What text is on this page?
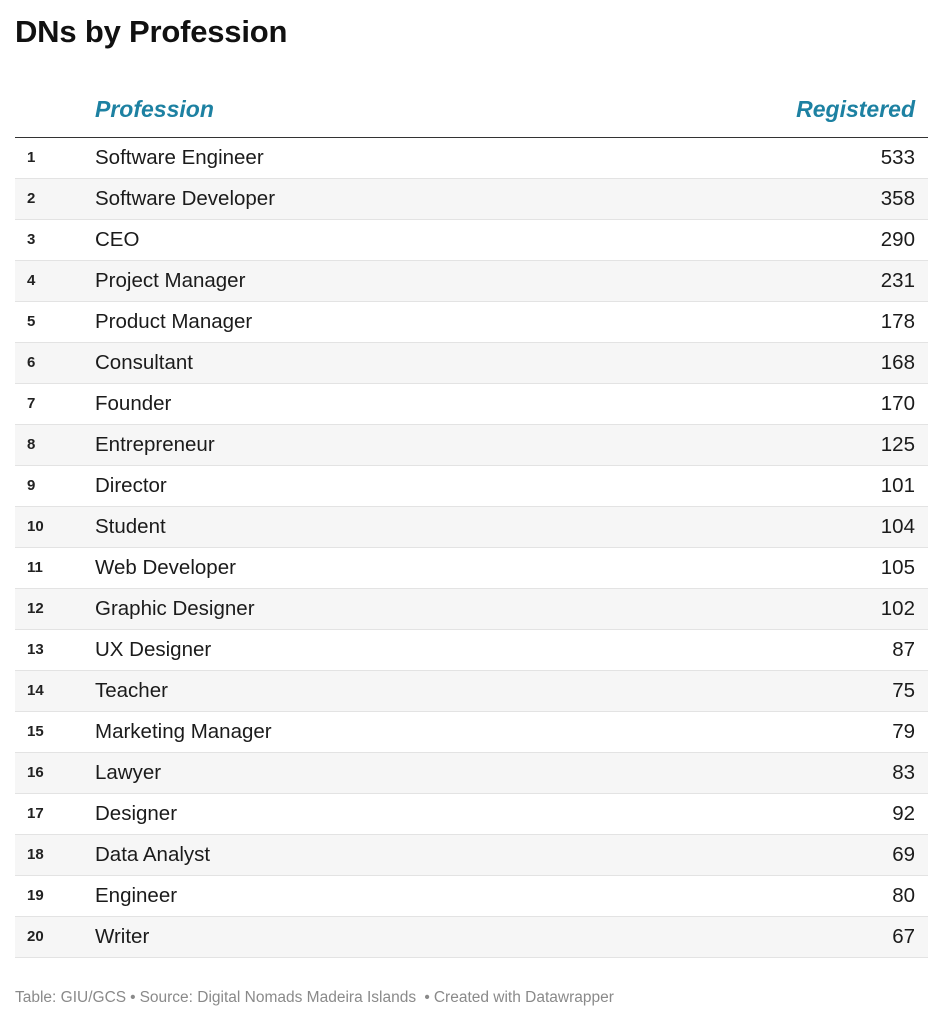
DNs by Profession
Profession	Registered
1	Software Engineer	533
2	Software Developer	358
3	CEO	290
4	Project Manager	231
5	Product Manager	178
6	Consultant	168
7	Founder	170
8	Entrepreneur	125
9	Director	101
10	Student	104
11	Web Developer	105
12	Graphic Designer	102
13	UX Designer	87
14	Teacher	75
15	Marketing Manager	79
16	Lawyer	83
17	Designer	92
18	Data Analyst	69
19	Engineer	80
20	Writer	67
Table: GIU/GCS • Source: Digital Nomads Madeira Islands • Created with Datawrapper
